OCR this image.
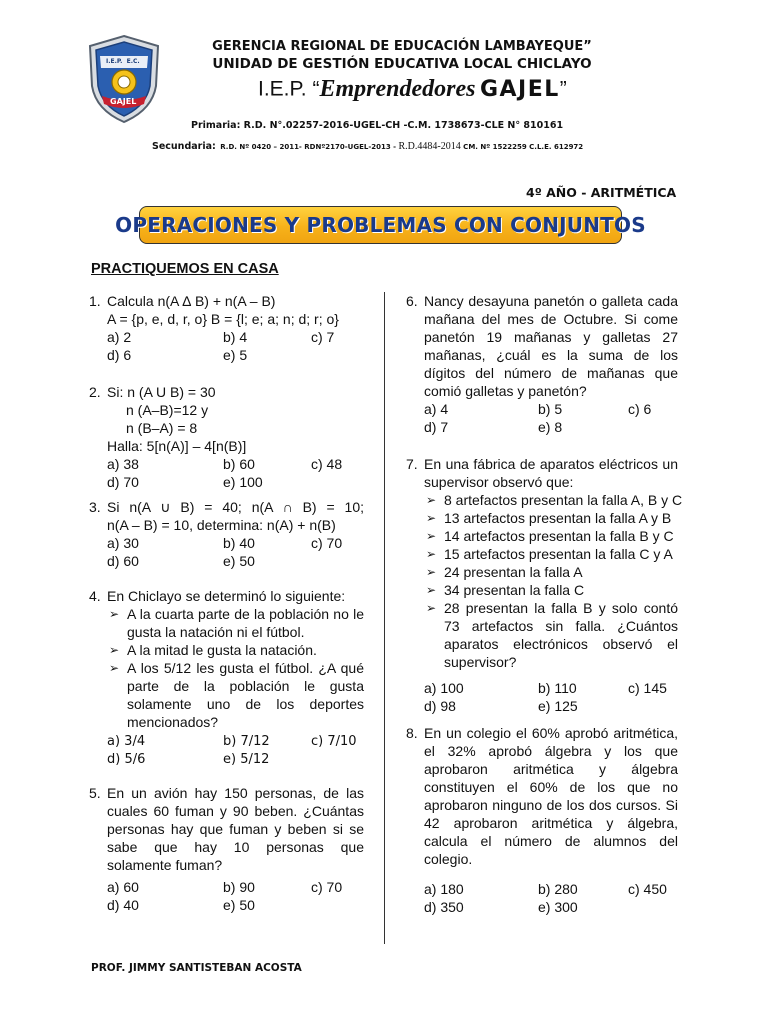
I.E.P.  E.C.
GAJEL
GERENCIA REGIONAL DE EDUCACIÓN LAMBAYEQUE”
UNIDAD DE GESTIÓN EDUCATIVA LOCAL CHICLAYO
I.E.P. “Emprendedores GAJEL”
Primaria: R.D. N°.02257-2016-UGEL-CH -C.M. 1738673-CLE N° 810161
Secundaria: R.D. Nº 0420 – 2011- RDNº2170-UGEL-2013 - R.D.4484-2014 CM. Nº 1522259 C.L.E. 612972
4º AÑO - ARITMÉTICA
OPERACIONES Y PROBLEMAS CON CONJUNTOS
PRACTIQUEMOS EN CASA
1. Calcula n(A ∆ B) + n(A – B)
A = {p, e, d, r, o} B = {l; e; a; n; d; r; o}
a) 2	b) 4	c) 7
d) 6	e) 5
2. Si: n (A U B) = 30
n (A–B)=12 y
n (B–A) = 8
Halla: 5[n(A)] – 4[n(B)]
a) 38	b) 60	c) 48
d) 70	e) 100
3. Si n(A ∪ B) = 40; n(A ∩ B) = 10;
n(A – B) = 10, determina: n(A) + n(B)
a) 30	b) 40	c) 70
d) 60	e) 50
4. En Chiclayo se determinó lo siguiente:
➢ A la cuarta parte de la población no le gusta la natación ni el fútbol.
➢ A la mitad le gusta la natación.
➢ A los 5/12 les gusta el fútbol. ¿A qué parte de la población le gusta solamente uno de los deportes mencionados?
a) 3/4	b) 7/12	c) 7/10
d) 5/6	e) 5/12
5. En un avión hay 150 personas, de las cuales 60 fuman y 90 beben. ¿Cuántas personas hay que fuman y beben si se sabe que hay 10 personas que solamente fuman?
a) 60	b) 90	c) 70
d) 40	e) 50
6. Nancy desayuna panetón o galleta cada mañana del mes de Octubre. Si come panetón 19 mañanas y galletas 27 mañanas, ¿cuál es la suma de los dígitos del número de mañanas que comió galletas y panetón?
a) 4	b) 5	c) 6
d) 7	e) 8
7. En una fábrica de aparatos eléctricos un supervisor observó que:
➢ 8 artefactos presentan la falla A, B y C
➢ 13 artefactos presentan la falla A y B
➢ 14 artefactos presentan la falla B y C
➢ 15 artefactos presentan la falla C y A
➢ 24 presentan la falla A
➢ 34 presentan la falla C
➢ 28 presentan la falla B y solo contó 73 artefactos sin falla. ¿Cuántos aparatos electrónicos observó el supervisor?
a) 100	b) 110	c) 145
d) 98	e) 125
8. En un colegio el 60% aprobó aritmética, el 32% aprobó álgebra y los que aprobaron aritmética y álgebra constituyen el 60% de los que no aprobaron ninguno de los dos cursos. Si 42 aprobaron aritmética y álgebra, calcula el número de alumnos del colegio.
a) 180	b) 280	c) 450
d) 350	e) 300
PROF. JIMMY SANTISTEBAN ACOSTA
